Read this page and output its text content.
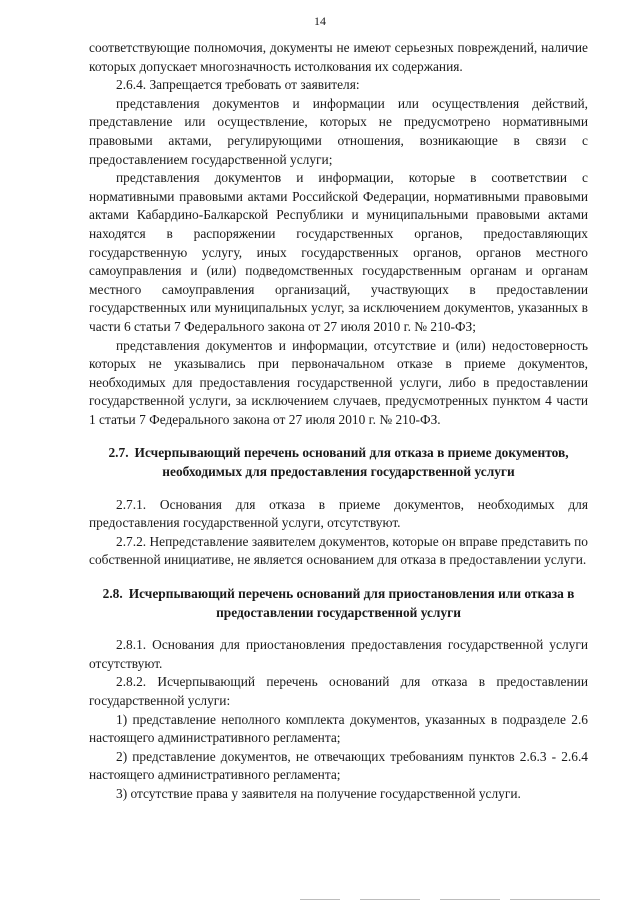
14

соответствующие полномочия, документы не имеют серьезных повреждений, наличие которых допускает многозначность истолкования их содержания.

2.6.4. Запрещается требовать от заявителя:

представления документов и информации или осуществления действий, представление или осуществление, которых не предусмотрено нормативными правовыми актами, регулирующими отношения, возникающие в связи с предоставлением государственной услуги;

представления документов и информации, которые в соответствии с нормативными правовыми актами Российской Федерации, нормативными правовыми актами Кабардино-Балкарской Республики и муниципальными правовыми актами находятся в распоряжении государственных органов, предоставляющих государственную услугу, иных государственных органов, органов местного самоуправления и (или) подведомственных государственным органам и органам местного самоуправления организаций, участвующих в предоставлении государственных или муниципальных услуг, за исключением документов, указанных в части 6 статьи 7 Федерального закона от 27 июля 2010 г. № 210-ФЗ;

представления документов и информации, отсутствие и (или) недостоверность которых не указывались при первоначальном отказе в приеме документов, необходимых для предоставления государственной услуги, либо в предоставлении государственной услуги, за исключением случаев, предусмотренных пунктом 4 части 1 статьи 7 Федерального закона от 27 июля 2010 г. № 210-ФЗ.

2.7. Исчерпывающий перечень оснований для отказа в приеме документов, необходимых для предоставления государственной услуги

2.7.1. Основания для отказа в приеме документов, необходимых для предоставления государственной услуги, отсутствуют.

2.7.2. Непредставление заявителем документов, которые он вправе представить по собственной инициативе, не является основанием для отказа в предоставлении услуги.

2.8. Исчерпывающий перечень оснований для приостановления или отказа в предоставлении государственной услуги

2.8.1. Основания для приостановления предоставления государственной услуги отсутствуют.

2.8.2. Исчерпывающий перечень оснований для отказа в предоставлении государственной услуги:

1) представление неполного комплекта документов, указанных в подразделе 2.6 настоящего административного регламента;

2) представление документов, не отвечающих требованиям пунктов 2.6.3 - 2.6.4 настоящего административного регламента;

3) отсутствие права у заявителя на получение государственной услуги.
